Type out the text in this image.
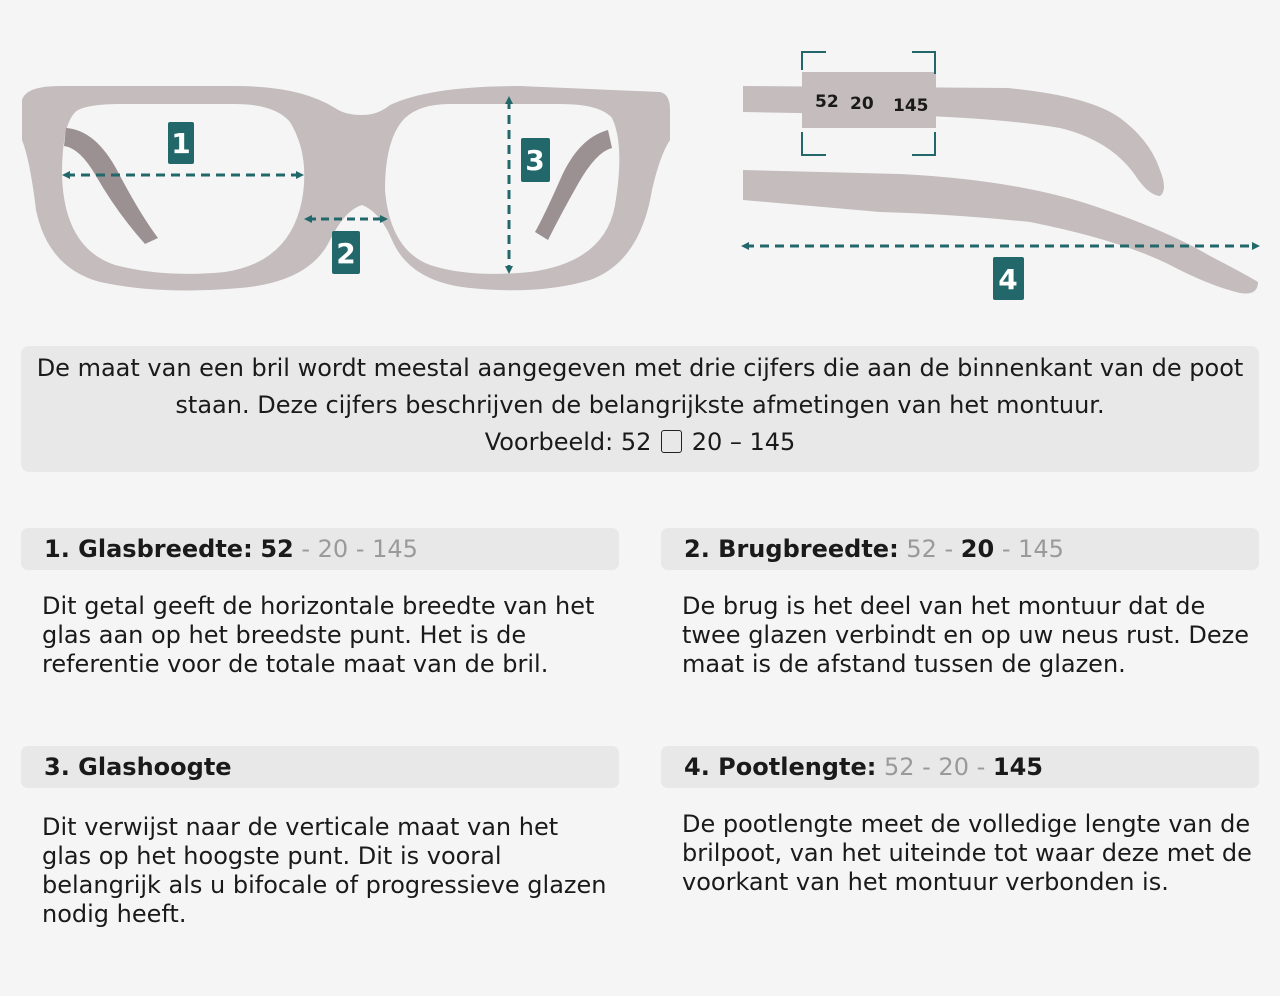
1
2
3
52 20 145
4
De maat van een bril wordt meestal aangegeven met drie cijfers die aan de binnenkant van de poot
staan. Deze cijfers beschrijven de belangrijkste afmetingen van het montuur.
Voorbeeld: 52 20 – 145
1. Glasbreedte: 52 - 20 - 145
Dit getal geeft de horizontale breedte van het glas aan op het breedste punt. Het is de referentie voor de totale maat van de bril.
2. Brugbreedte: 52 - 20 - 145
De brug is het deel van het montuur dat de twee glazen verbindt en op uw neus rust. Deze maat is de afstand tussen de glazen.
3. Glashoogte
Dit verwijst naar de verticale maat van het glas op het hoogste punt. Dit is vooral belangrijk als u bifocale of progressieve glazen nodig heeft.
4. Pootlengte: 52 - 20 - 145
De pootlengte meet de volledige lengte van de brilpoot, van het uiteinde tot waar deze met de voorkant van het montuur verbonden is.
